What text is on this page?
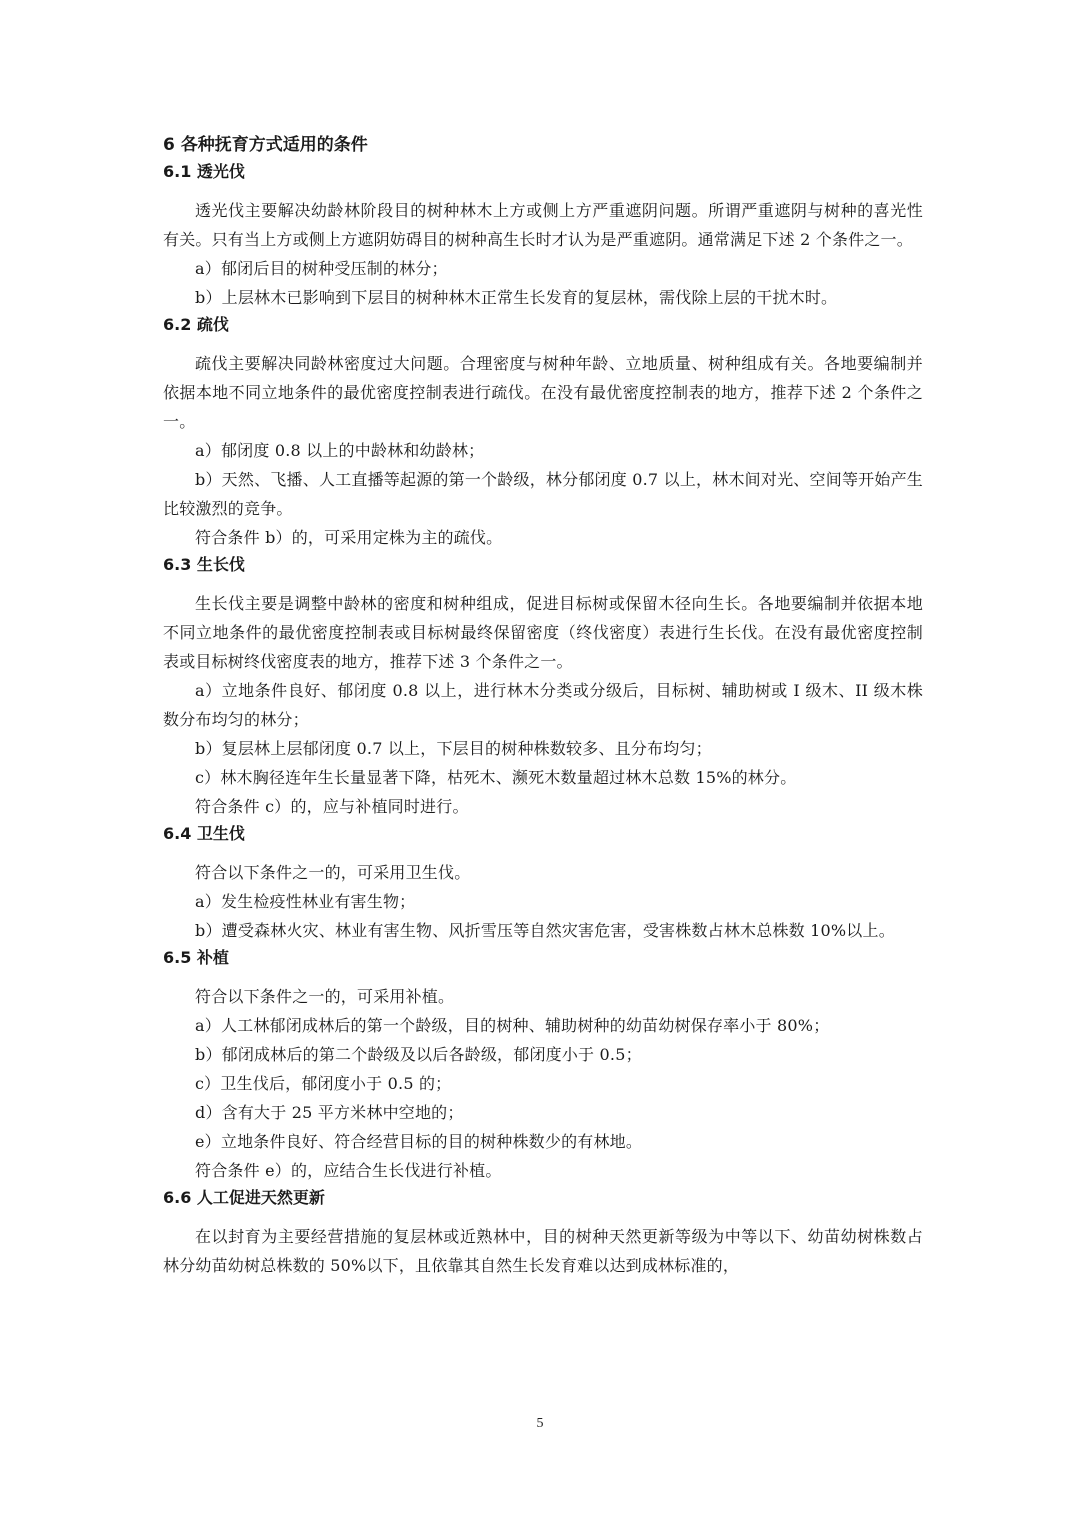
6 各种抚育方式适用的条件
6.1 透光伐
透光伐主要解决幼龄林阶段目的树种林木上方或侧上方严重遮阴问题。所谓严重遮阴与树种的喜光性有关。只有当上方或侧上方遮阴妨碍目的树种高生长时才认为是严重遮阴。通常满足下述 2 个条件之一。
a）郁闭后目的树种受压制的林分；
b）上层林木已影响到下层目的树种林木正常生长发育的复层林，需伐除上层的干扰木时。
6.2 疏伐
疏伐主要解决同龄林密度过大问题。合理密度与树种年龄、立地质量、树种组成有关。各地要编制并依据本地不同立地条件的最优密度控制表进行疏伐。在没有最优密度控制表的地方，推荐下述 2 个条件之一。
a）郁闭度 0.8 以上的中龄林和幼龄林；
b）天然、飞播、人工直播等起源的第一个龄级，林分郁闭度 0.7 以上，林木间对光、空间等开始产生比较激烈的竞争。
符合条件 b）的，可采用定株为主的疏伐。
6.3 生长伐
生长伐主要是调整中龄林的密度和树种组成，促进目标树或保留木径向生长。各地要编制并依据本地不同立地条件的最优密度控制表或目标树最终保留密度（终伐密度）表进行生长伐。在没有最优密度控制表或目标树终伐密度表的地方，推荐下述 3 个条件之一。
a）立地条件良好、郁闭度 0.8 以上，进行林木分类或分级后，目标树、辅助树或 I 级木、II 级木株数分布均匀的林分；
b）复层林上层郁闭度 0.7 以上，下层目的树种株数较多、且分布均匀；
c）林木胸径连年生长量显著下降，枯死木、濒死木数量超过林木总数 15%的林分。
符合条件 c）的，应与补植同时进行。
6.4 卫生伐
符合以下条件之一的，可采用卫生伐。
a）发生检疫性林业有害生物；
b）遭受森林火灾、林业有害生物、风折雪压等自然灾害危害，受害株数占林木总株数 10%以上。
6.5 补植
符合以下条件之一的，可采用补植。
a）人工林郁闭成林后的第一个龄级，目的树种、辅助树种的幼苗幼树保存率小于 80%；
b）郁闭成林后的第二个龄级及以后各龄级，郁闭度小于 0.5；
c）卫生伐后，郁闭度小于 0.5 的；
d）含有大于 25 平方米林中空地的；
e）立地条件良好、符合经营目标的目的树种株数少的有林地。
符合条件 e）的，应结合生长伐进行补植。
6.6 人工促进天然更新
在以封育为主要经营措施的复层林或近熟林中，目的树种天然更新等级为中等以下、幼苗幼树株数占林分幼苗幼树总株数的 50%以下，且依靠其自然生长发育难以达到成林标准的，
5
